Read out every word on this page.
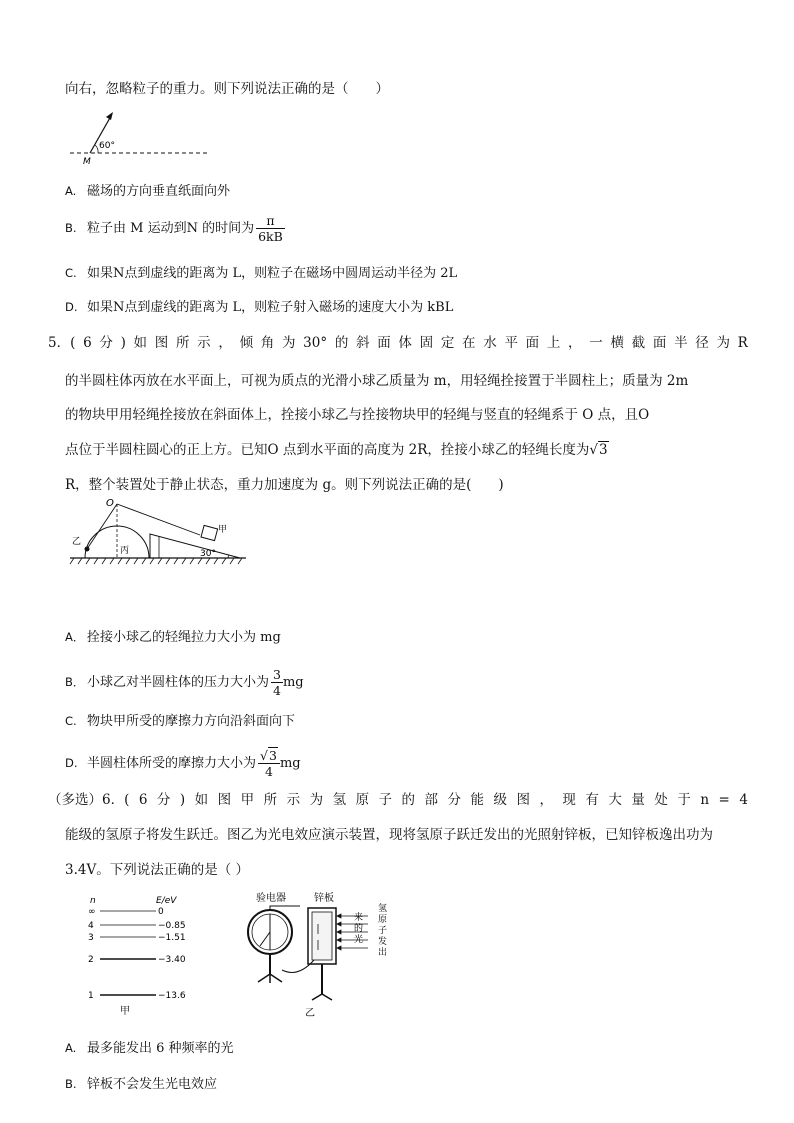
向右，忽略粒子的重力。则下列说法正确的是（　　）
60°
M
A. 磁场的方向垂直纸面向外
B. 粒子由 M 运动到N 的时间为 $\frac{\pi}{6kB}$
C. 如果N点到虚线的距离为 L，则粒子在磁场中圆周运动半径为 2L
D. 如果N点到虚线的距离为 L，则粒子射入磁场的速度大小为 kBL
5．( 6 分 ) 如 图 所 示 ， 倾 角 为 30° 的 斜 面 体 固 定 在 水 平 面 上 ， 一 横 截 面 半 径 为 R
的半圆柱体丙放在水平面上，可视为质点的光滑小球乙质量为 m，用轻绳拴接置于半圆柱上；质量为 2m
的物块甲用轻绳拴接放在斜面体上，拴接小球乙与拴接物块甲的轻绳与竖直的轻绳系于 O 点，且O
点位于半圆柱圆心的正上方。已知O 点到水平面的高度为 2R，拴接小球乙的轻绳长度为√3
R，整个装置处于静止状态，重力加速度为 g。则下列说法正确的是(　　)
O
乙
丙
甲
30°
A． 拴接小球乙的轻绳拉力大小为 mg
B． 小球乙对半圆柱体的压力大小为 $\frac{3}{4}$ mg
C. 物块甲所受的摩擦力方向沿斜面向下
D. 半圆柱体所受的摩擦力大小为 $\frac{√3}{4}$ mg
（多选）6．( 6 分 ) 如 图 甲 所 示 为 氢 原 子 的 部 分 能 级 图 ， 现 有 大 量 处 于 n = 4
能级的氢原子将发生跃迁。图乙为光电效应演示装置，现将氢原子跃迁发出的光照射锌板，已知锌板逸出功为
3.4V。下列说法正确的是（ ）
n	E/eV
∞	0
4	−0.85
3	−1.51
2	−3.40
1	−13.6
甲
验电器	锌板
来的光
氢原子发出
乙
A. 最多能发出 6 种频率的光
B. 锌板不会发生光电效应
